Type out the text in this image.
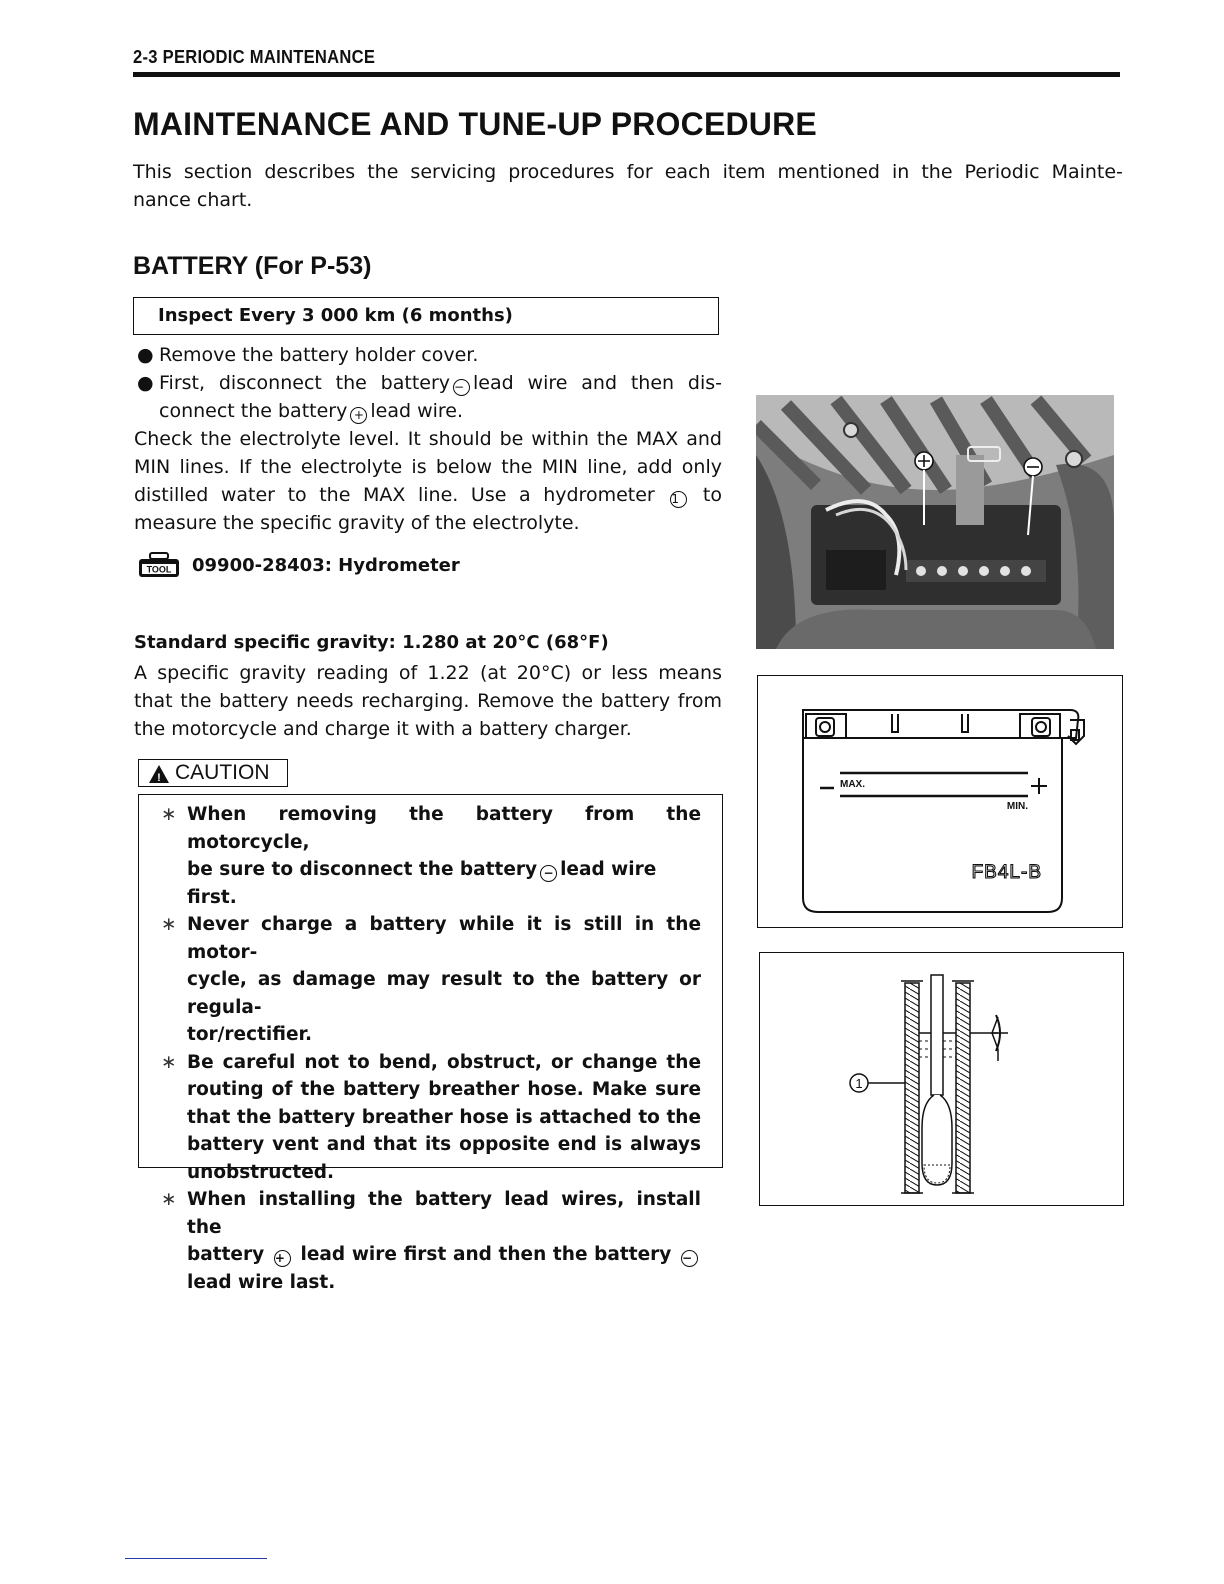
2-3 PERIODIC MAINTENANCE
MAINTENANCE AND TUNE-UP PROCEDURE
This section describes the servicing procedures for each item mentioned in the Periodic Mainte-
nance chart.
BATTERY (For P-53)
Inspect Every 3 000 km (6 months)
● Remove the battery holder cover.
● First, disconnect the battery − lead wire and then dis-
connect the battery + lead wire.
Check the electrolyte level. It should be within the MAX and
MIN lines. If the electrolyte is below the MIN line, add only
distilled water to the MAX line. Use a hydrometer 1 to
measure the specific gravity of the electrolyte.
TOOL 09900-28403: Hydrometer
Standard specific gravity: 1.280 at 20°C (68°F)
A specific gravity reading of 1.22 (at 20°C) or less means
that the battery needs recharging. Remove the battery from
the motorcycle and charge it with a battery charger.
! CAUTION
∗ When removing the battery from the motorcycle,
be sure to disconnect the battery − lead wire first.
∗ Never charge a battery while it is still in the motor-
cycle, as damage may result to the battery or regula-
tor/rectifier.
∗ Be careful not to bend, obstruct, or change the
routing of the battery breather hose. Make sure
that the battery breather hose is attached to the
battery vent and that its opposite end is always
unobstructed.
∗ When installing the battery lead wires, install the
battery + lead wire first and then the battery −
lead wire last.
MAX.
MIN.
FB4L-B
1
